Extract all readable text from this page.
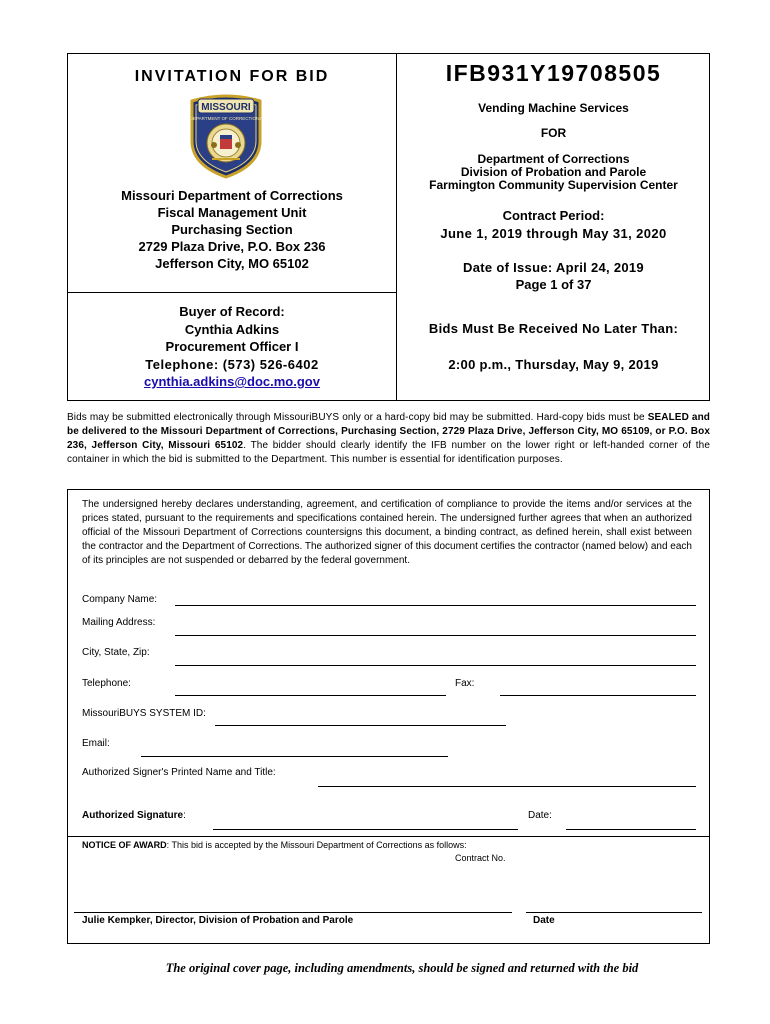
INVITATION FOR BID
MISSOURI
DEPARTMENT OF CORRECTIONS
Missouri Department of Corrections
Fiscal Management Unit
Purchasing Section
2729 Plaza Drive, P.O. Box 236
Jefferson City, MO 65102
Buyer of Record:
Cynthia Adkins
Procurement Officer I
Telephone: (573) 526-6402
cynthia.adkins@doc.mo.gov
IFB931Y19708505
Vending Machine Services
FOR
Department of Corrections
Division of Probation and Parole
Farmington Community Supervision Center
Contract Period:
June 1, 2019 through May 31, 2020
Date of Issue: April 24, 2019
Page 1 of 37
Bids Must Be Received No Later Than:
2:00 p.m., Thursday, May 9, 2019
Bids may be submitted electronically through MissouriBUYS only or a hard-copy bid may be submitted. Hard-copy bids must be SEALED and be delivered to the Missouri Department of Corrections, Purchasing Section, 2729 Plaza Drive, Jefferson City, MO 65109, or P.O. Box 236, Jefferson City, Missouri 65102. The bidder should clearly identify the IFB number on the lower right or left-handed corner of the container in which the bid is submitted to the Department. This number is essential for identification purposes.
The undersigned hereby declares understanding, agreement, and certification of compliance to provide the items and/or services at the prices stated, pursuant to the requirements and specifications contained herein. The undersigned further agrees that when an authorized official of the Missouri Department of Corrections countersigns this document, a binding contract, as defined herein, shall exist between the contractor and the Department of Corrections. The authorized signer of this document certifies the contractor (named below) and each of its principles are not suspended or debarred by the federal government.
Company Name:
Mailing Address:
City, State, Zip:
Telephone:	Fax:
MissouriBUYS SYSTEM ID:
Email:
Authorized Signer's Printed Name and Title:
Authorized Signature:	Date:
NOTICE OF AWARD: This bid is accepted by the Missouri Department of Corrections as follows:
Contract No.
Julie Kempker, Director, Division of Probation and Parole	Date
The original cover page, including amendments, should be signed and returned with the bid
